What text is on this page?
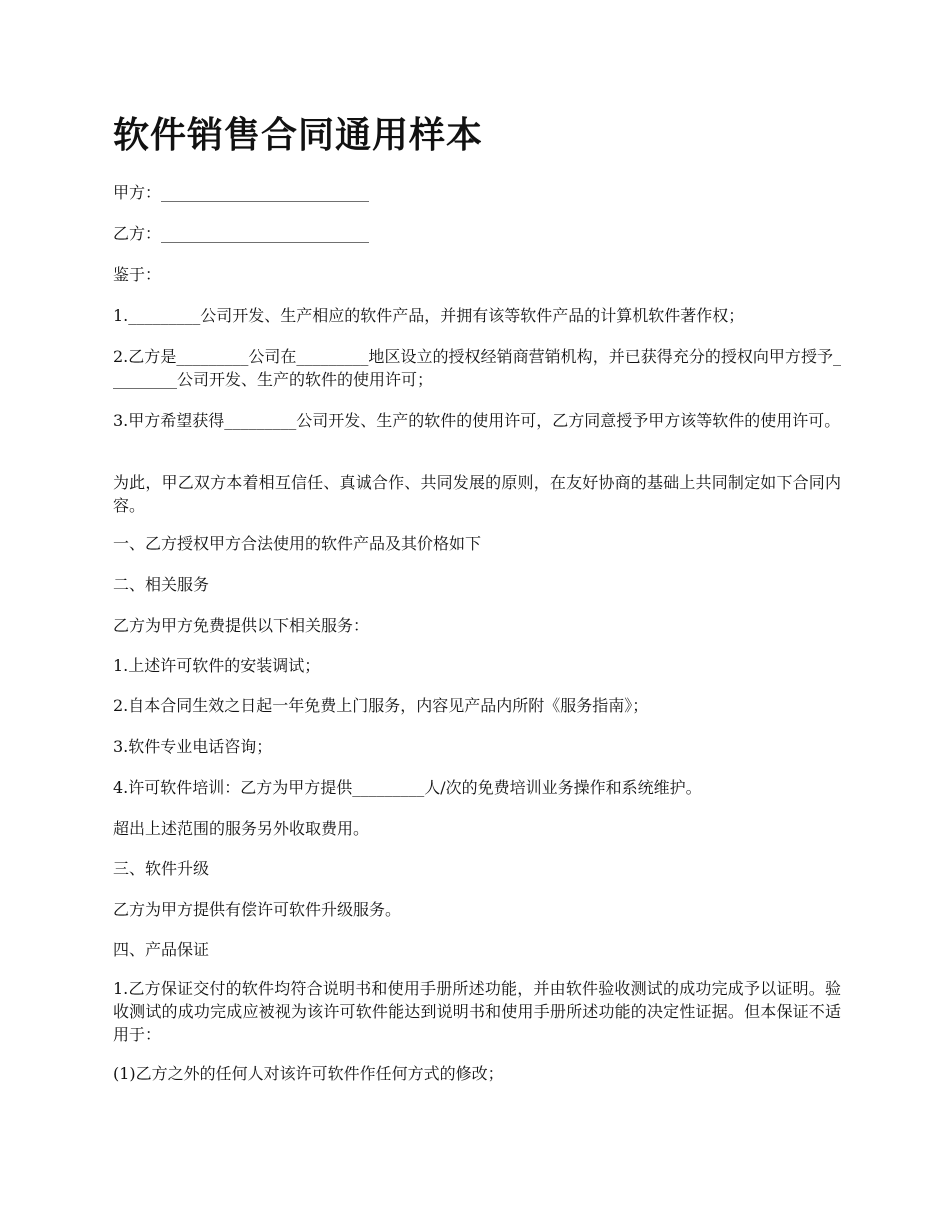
软件销售合同通用样本

甲方：__________________________

乙方：__________________________

鉴于：

1._________公司开发、生产相应的软件产品，并拥有该等软件产品的计算机软件著作权；

2.乙方是_________公司在_________地区设立的授权经销商营销机构，并已获得充分的授权向甲方授予_________公司开发、生产的软件的使用许可；

3.甲方希望获得_________公司开发、生产的软件的使用许可，乙方同意授予甲方该等软件的使用许可。

为此，甲乙双方本着相互信任、真诚合作、共同发展的原则，在友好协商的基础上共同制定如下合同内容。

一、乙方授权甲方合法使用的软件产品及其价格如下

二、相关服务

乙方为甲方免费提供以下相关服务：

1.上述许可软件的安装调试；

2.自本合同生效之日起一年免费上门服务，内容见产品内所附《服务指南》；

3.软件专业电话咨询；

4.许可软件培训：乙方为甲方提供_________人/次的免费培训业务操作和系统维护。

超出上述范围的服务另外收取费用。

三、软件升级

乙方为甲方提供有偿许可软件升级服务。

四、产品保证

1.乙方保证交付的软件均符合说明书和使用手册所述功能，并由软件验收测试的成功完成予以证明。验收测试的成功完成应被视为该许可软件能达到说明书和使用手册所述功能的决定性证据。但本保证不适用于：

(1)乙方之外的任何人对该许可软件作任何方式的修改；
